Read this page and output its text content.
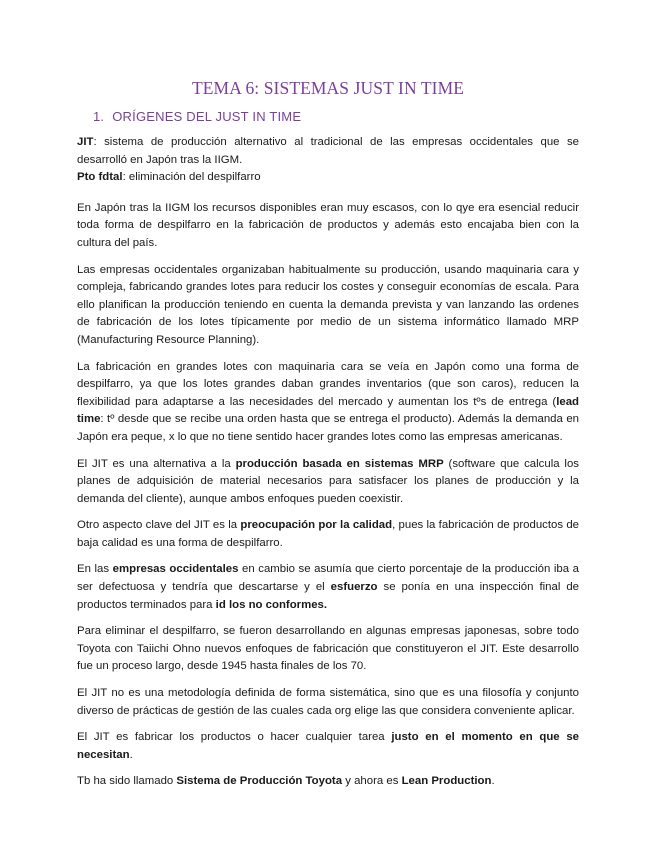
TEMA 6: SISTEMAS JUST IN TIME
1. ORÍGENES DEL JUST IN TIME

JIT: sistema de producción alternativo al tradicional de las empresas occidentales que se desarrolló en Japón tras la IIGM.

Pto fdtal: eliminación del despilfarro

En Japón tras la IIGM los recursos disponibles eran muy escasos, con lo qye era esencial reducir toda forma de despilfarro en la fabricación de productos y además esto encajaba bien con la cultura del país.

Las empresas occidentales organizaban habitualmente su producción, usando maquinaria cara y compleja, fabricando grandes lotes para reducir los costes y conseguir economías de escala. Para ello planifican la producción teniendo en cuenta la demanda prevista y van lanzando las ordenes de fabricación de los lotes típicamente por medio de un sistema informático llamado MRP (Manufacturing Resource Planning).

La fabricación en grandes lotes con maquinaria cara se veía en Japón como una forma de despilfarro, ya que los lotes grandes daban grandes inventarios (que son caros), reducen la flexibilidad para adaptarse a las necesidades del mercado y aumentan los tºs de entrega (lead time: tº desde que se recibe una orden hasta que se entrega el producto). Además la demanda en Japón era peque, x lo que no tiene sentido hacer grandes lotes como las empresas americanas.

El JIT es una alternativa a la producción basada en sistemas MRP (software que calcula los planes de adquisición de material necesarios para satisfacer los planes de producción y la demanda del cliente), aunque ambos enfoques pueden coexistir.

Otro aspecto clave del JIT es la preocupación por la calidad, pues la fabricación de productos de baja calidad es una forma de despilfarro.

En las empresas occidentales en cambio se asumía que cierto porcentaje de la producción iba a ser defectuosa y tendría que descartarse y el esfuerzo se ponía en una inspección final de productos terminados para id los no conformes.

Para eliminar el despilfarro, se fueron desarrollando en algunas empresas japonesas, sobre todo Toyota con Taiichi Ohno nuevos enfoques de fabricación que constituyeron el JIT. Este desarrollo fue un proceso largo, desde 1945 hasta finales de los 70.

El JIT no es una metodología definida de forma sistemática, sino que es una filosofía y conjunto diverso de prácticas de gestión de las cuales cada org elige las que considera conveniente aplicar.

El JIT es fabricar los productos o hacer cualquier tarea justo en el momento en que se necesitan.

Tb ha sido llamado Sistema de Producción Toyota y ahora es Lean Production.
